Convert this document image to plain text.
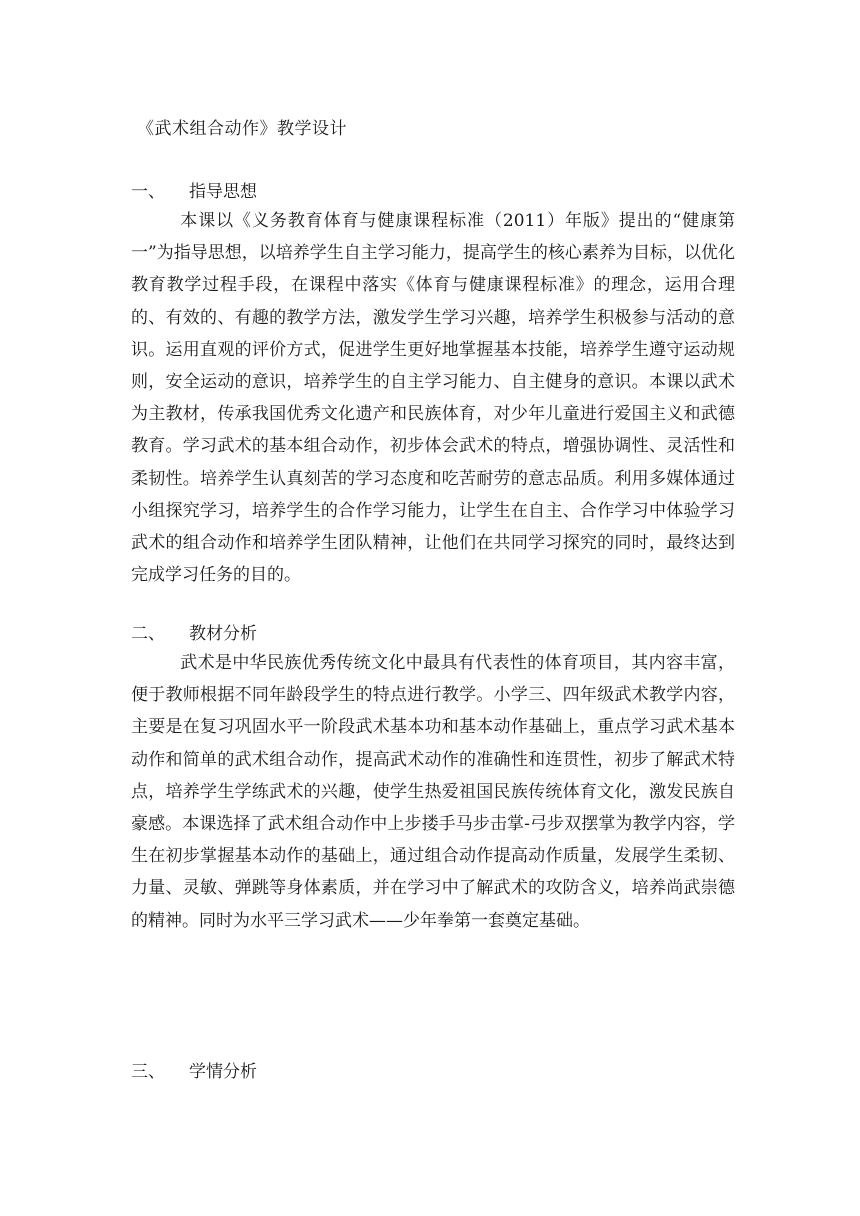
《武术组合动作》教学设计
一、 指导思想

本课以《义务教育体育与健康课程标准（2011）年版》提出的“健康第一”为指导思想，以培养学生自主学习能力，提高学生的核心素养为目标，以优化教育教学过程手段，在课程中落实《体育与健康课程标准》的理念，运用合理的、有效的、有趣的教学方法，激发学生学习兴趣，培养学生积极参与活动的意识。运用直观的评价方式，促进学生更好地掌握基本技能，培养学生遵守运动规则，安全运动的意识，培养学生的自主学习能力、自主健身的意识。本课以武术为主教材，传承我国优秀文化遗产和民族体育，对少年儿童进行爱国主义和武德教育。学习武术的基本组合动作，初步体会武术的特点，增强协调性、灵活性和柔韧性。培养学生认真刻苦的学习态度和吃苦耐劳的意志品质。利用多媒体通过小组探究学习，培养学生的合作学习能力，让学生在自主、合作学习中体验学习武术的组合动作和培养学生团队精神，让他们在共同学习探究的同时，最终达到完成学习任务的目的。

二、 教材分析

武术是中华民族优秀传统文化中最具有代表性的体育项目，其内容丰富，便于教师根据不同年龄段学生的特点进行教学。小学三、四年级武术教学内容，主要是在复习巩固水平一阶段武术基本功和基本动作基础上，重点学习武术基本动作和简单的武术组合动作，提高武术动作的准确性和连贯性，初步了解武术特点，培养学生学练武术的兴趣，使学生热爱祖国民族传统体育文化，激发民族自豪感。本课选择了武术组合动作中上步搂手马步击掌-弓步双摆掌为教学内容，学生在初步掌握基本动作的基础上，通过组合动作提高动作质量，发展学生柔韧、力量、灵敏、弹跳等身体素质，并在学习中了解武术的攻防含义，培养尚武崇德的精神。同时为水平三学习武术——少年拳第一套奠定基础。

三、 学情分析
